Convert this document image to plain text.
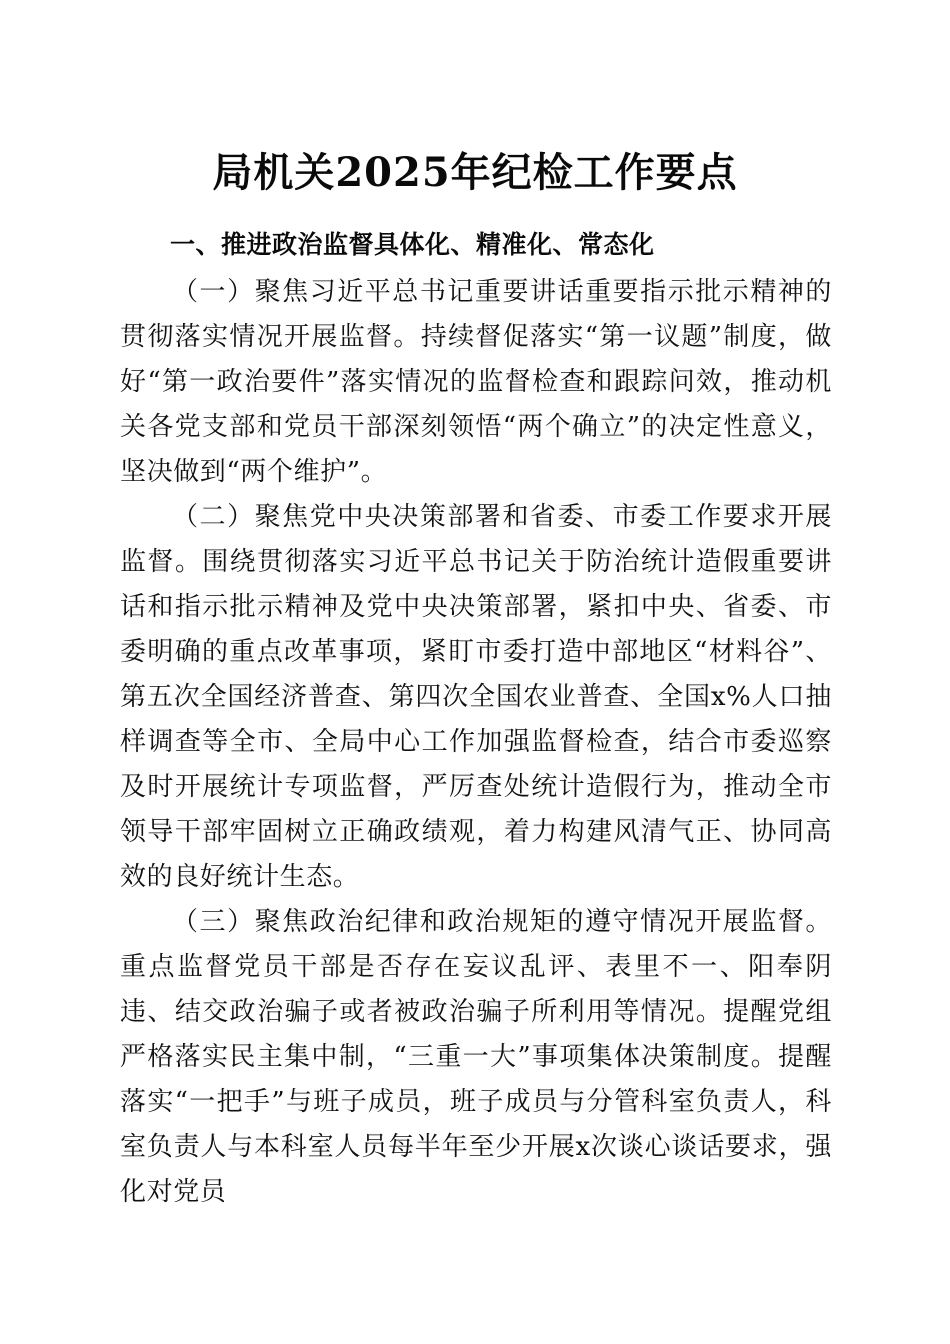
局机关2025年纪检工作要点
一、推进政治监督具体化、精准化、常态化

（一）聚焦习近平总书记重要讲话重要指示批示精神的贯彻落实情况开展监督。持续督促落实“第一议题”制度，做好“第一政治要件”落实情况的监督检查和跟踪问效，推动机关各党支部和党员干部深刻领悟“两个确立”的决定性意义，坚决做到“两个维护”。

（二）聚焦党中央决策部署和省委、市委工作要求开展监督。围绕贯彻落实习近平总书记关于防治统计造假重要讲话和指示批示精神及党中央决策部署，紧扣中央、省委、市委明确的重点改革事项，紧盯市委打造中部地区“材料谷”、第五次全国经济普查、第四次全国农业普查、全国x%人口抽样调查等全市、全局中心工作加强监督检查，结合市委巡察及时开展统计专项监督，严厉查处统计造假行为，推动全市领导干部牢固树立正确政绩观，着力构建风清气正、协同高效的良好统计生态。

（三）聚焦政治纪律和政治规矩的遵守情况开展监督。重点监督党员干部是否存在妄议乱评、表里不一、阳奉阴违、结交政治骗子或者被政治骗子所利用等情况。提醒党组严格落实民主集中制，“三重一大”事项集体决策制度。提醒落实“一把手”与班子成员，班子成员与分管科室负责人，科室负责人与本科室人员每半年至少开展x次谈心谈话要求，强化对党员
